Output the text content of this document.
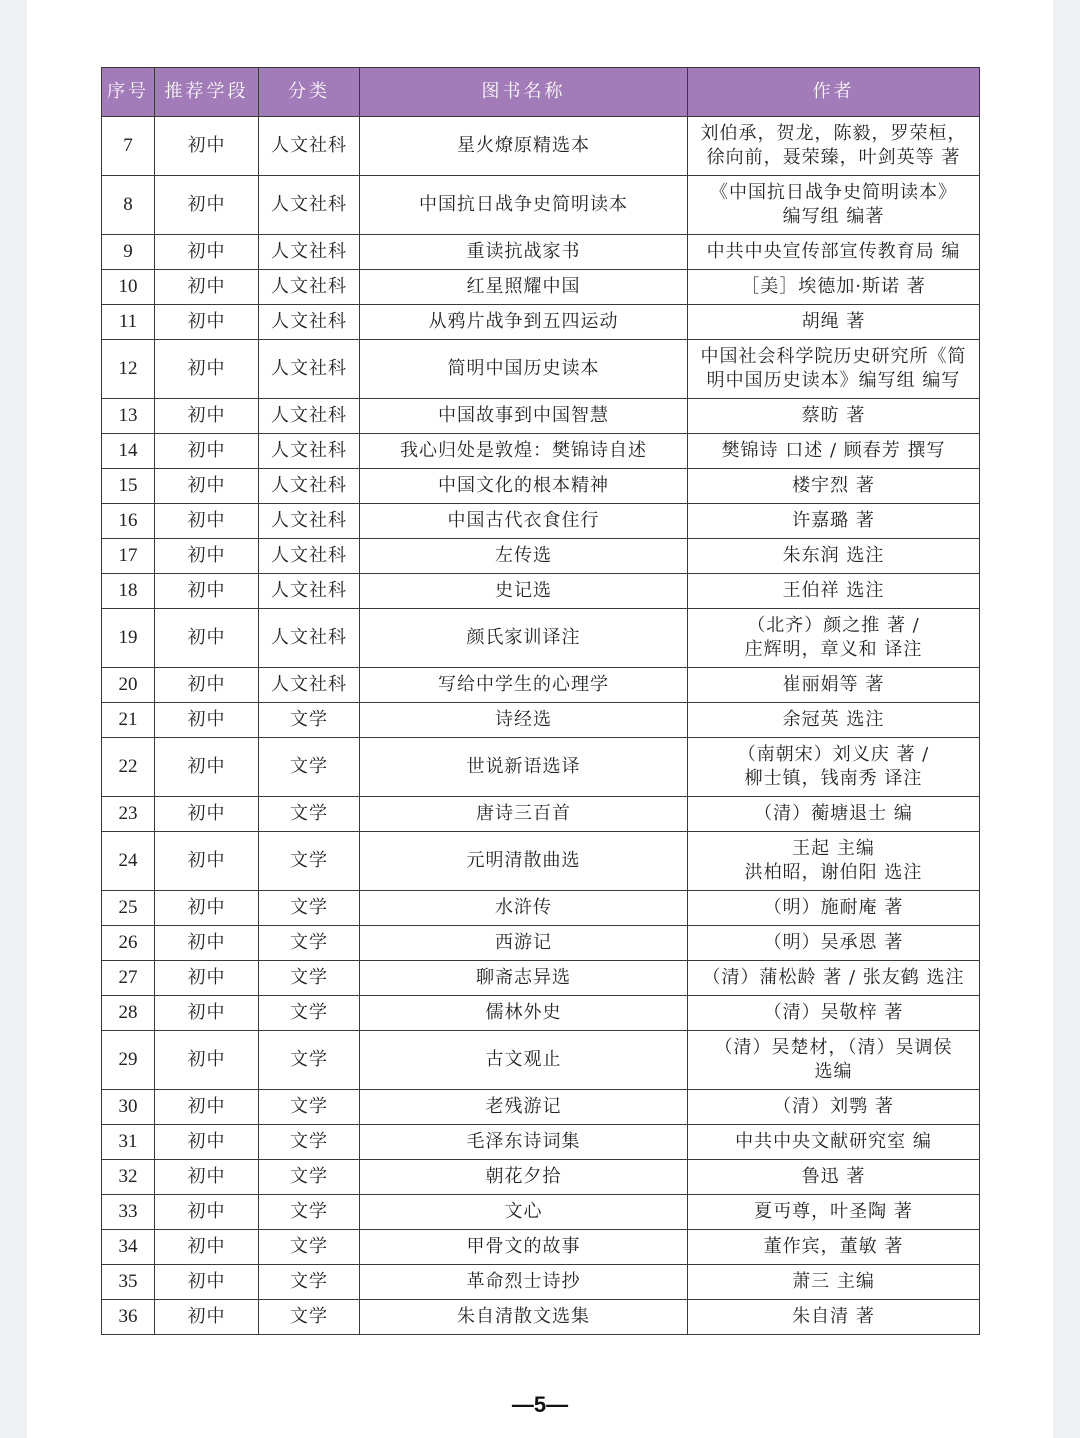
序号	推荐学段	分类	图书名称	作者
7	初中	人文社科	星火燎原精选本	刘伯承，贺龙，陈毅，罗荣桓，
徐向前，聂荣臻，叶剑英等 著

8	初中	人文社科	中国抗日战争史简明读本	《中国抗日战争史简明读本》
编写组 编著

9	初中	人文社科	重读抗战家书	中共中央宣传部宣传教育局 编

10	初中	人文社科	红星照耀中国	［美］埃德加·斯诺 著

11	初中	人文社科	从鸦片战争到五四运动	胡绳 著

12	初中	人文社科	简明中国历史读本	中国社会科学院历史研究所《简
明中国历史读本》编写组 编写

13	初中	人文社科	中国故事到中国智慧	蔡昉 著

14	初中	人文社科	我心归处是敦煌：樊锦诗自述	樊锦诗 口述 / 顾春芳 撰写

15	初中	人文社科	中国文化的根本精神	楼宇烈 著

16	初中	人文社科	中国古代衣食住行	许嘉璐 著

17	初中	人文社科	左传选	朱东润 选注

18	初中	人文社科	史记选	王伯祥 选注

19	初中	人文社科	颜氏家训译注	（北齐）颜之推 著 /
庄辉明，章义和 译注

20	初中	人文社科	写给中学生的心理学	崔丽娟等 著

21	初中	文学	诗经选	余冠英 选注

22	初中	文学	世说新语选译	（南朝宋）刘义庆 著 /
柳士镇，钱南秀 译注

23	初中	文学	唐诗三百首	（清）蘅塘退士 编

24	初中	文学	元明清散曲选	王起 主编
洪柏昭，谢伯阳 选注

25	初中	文学	水浒传	（明）施耐庵 著

26	初中	文学	西游记	（明）吴承恩 著

27	初中	文学	聊斋志异选	（清）蒲松龄 著 / 张友鹤 选注

28	初中	文学	儒林外史	（清）吴敬梓 著

29	初中	文学	古文观止	（清）吴楚材，（清）吴调侯
选编

30	初中	文学	老残游记	（清）刘鹗 著

31	初中	文学	毛泽东诗词集	中共中央文献研究室 编

32	初中	文学	朝花夕拾	鲁迅 著

33	初中	文学	文心	夏丏尊，叶圣陶 著

34	初中	文学	甲骨文的故事	董作宾，董敏 著

35	初中	文学	革命烈士诗抄	萧三 主编

36	初中	文学	朱自清散文选集	朱自清 著
—5—
